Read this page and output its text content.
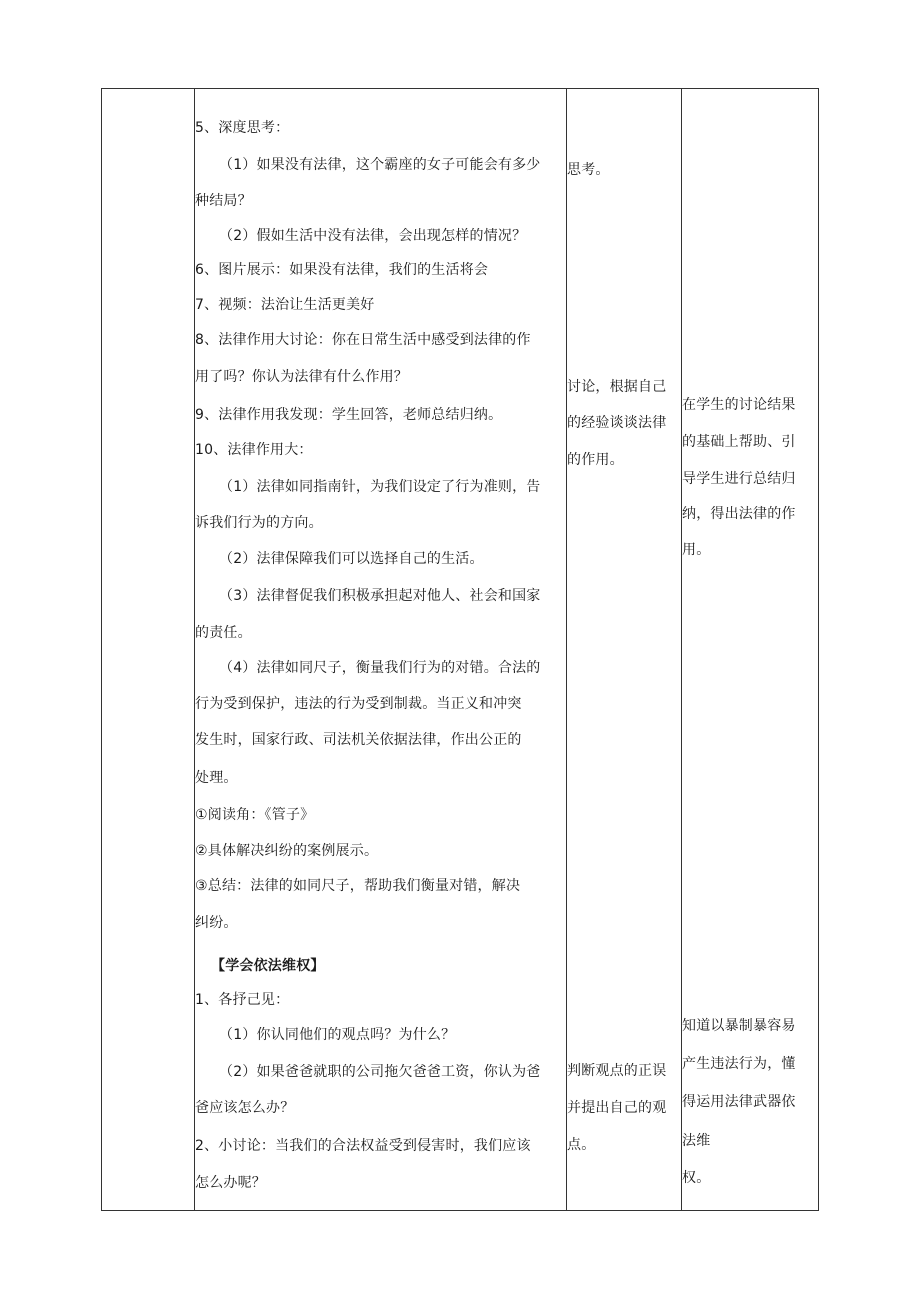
5、深度思考：
（1）如果没有法律，这个霸座的女子可能会有多少
种结局？
（2）假如生活中没有法律，会出现怎样的情况？
6、图片展示：如果没有法律，我们的生活将会
7、视频：法治让生活更美好
8、法律作用大讨论：你在日常生活中感受到法律的作
用了吗？你认为法律有什么作用？
9、法律作用我发现：学生回答，老师总结归纳。
10、法律作用大：
（1）法律如同指南针，为我们设定了行为准则，告
诉我们行为的方向。
（2）法律保障我们可以选择自己的生活。
（3）法律督促我们积极承担起对他人、社会和国家
的责任。
（4）法律如同尺子，衡量我们行为的对错。合法的
行为受到保护，违法的行为受到制裁。当正义和冲突
发生时，国家行政、司法机关依据法律，作出公正的
处理。
①阅读角：《管子》
②具体解决纠纷的案例展示。
③总结：法律的如同尺子，帮助我们衡量对错，解决
纠纷。
【学会依法维权】
1、各抒己见：
（1）你认同他们的观点吗？为什么？
（2）如果爸爸就职的公司拖欠爸爸工资，你认为爸
爸应该怎么办？
2、小讨论：当我们的合法权益受到侵害时，我们应该
怎么办呢？
思考。
讨论，根据自己
的经验谈谈法律
的作用。
判断观点的正误
并提出自己的观
点。
在学生的讨论结果
的基础上帮助、引
导学生进行总结归
纳，得出法律的作
用。
知道以暴制暴容易
产生违法行为，懂
得运用法律武器依
法维
权。
